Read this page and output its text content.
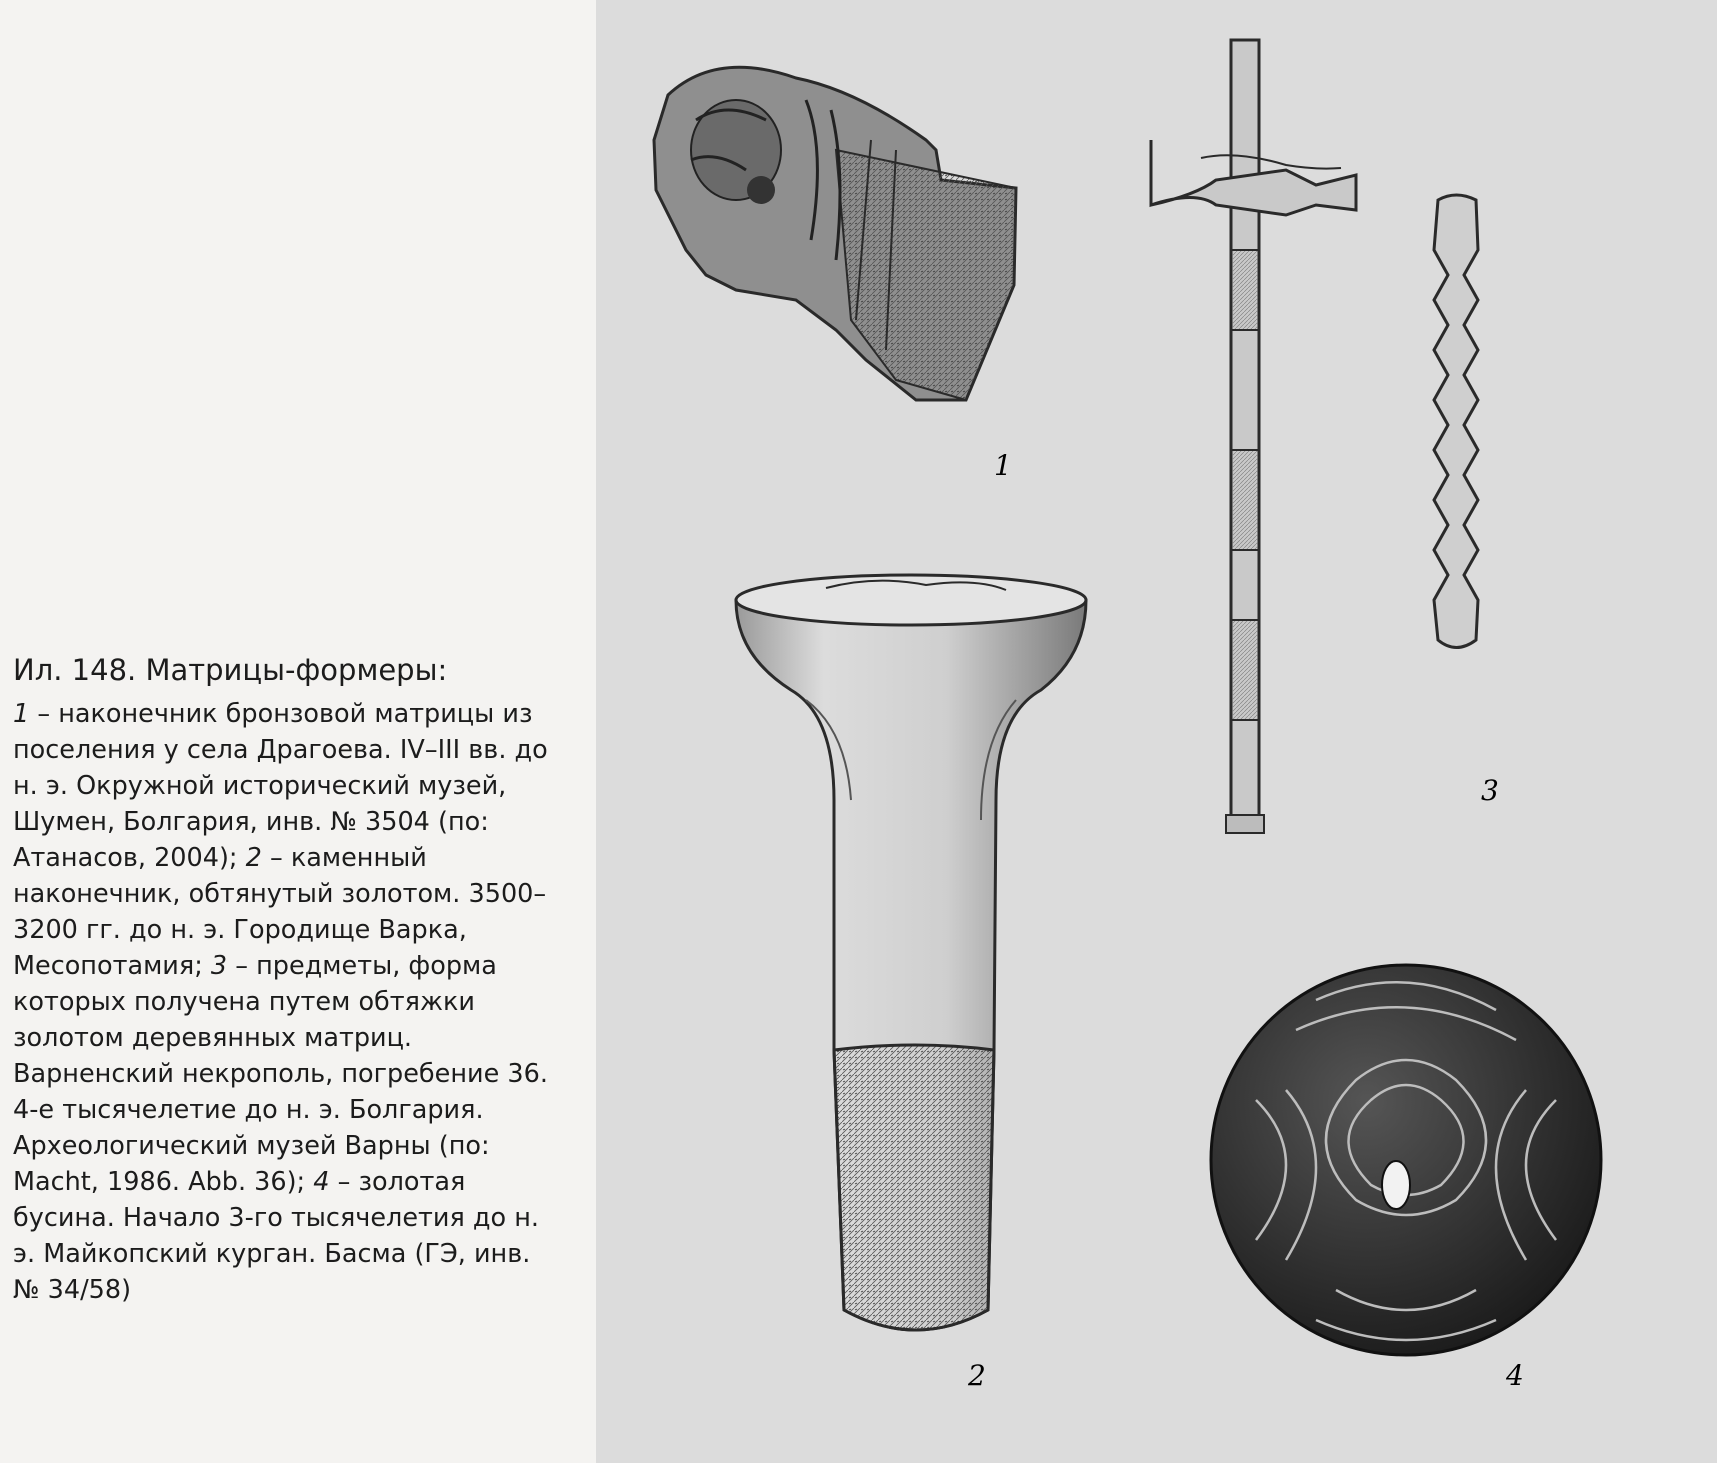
Ил. 148. Матрицы-формеры:

1 – наконечник бронзовой матрицы из поселения у села Драгоева. IV–III вв. до н. э. Окружной исторический музей, Шумен, Болгария, инв. № 3504 (по: Атанасов, 2004); 2 – каменный наконечник, обтянутый золотом. 3500–3200 гг. до н. э. Городище Варка, Месопотамия; 3 – предметы, форма которых получена путем обтяжки золотом деревянных матриц. Варненский некрополь, погребение 36. 4-е тысячелетие до н. э. Болгария. Археологический музей Варны (по: Macht, 1986. Abb. 36); 4 – золотая бусина. Начало 3-го тысячелетия до н. э. Майкопский курган. Басма (ГЭ, инв. № 34/58)

1
2
3
4
